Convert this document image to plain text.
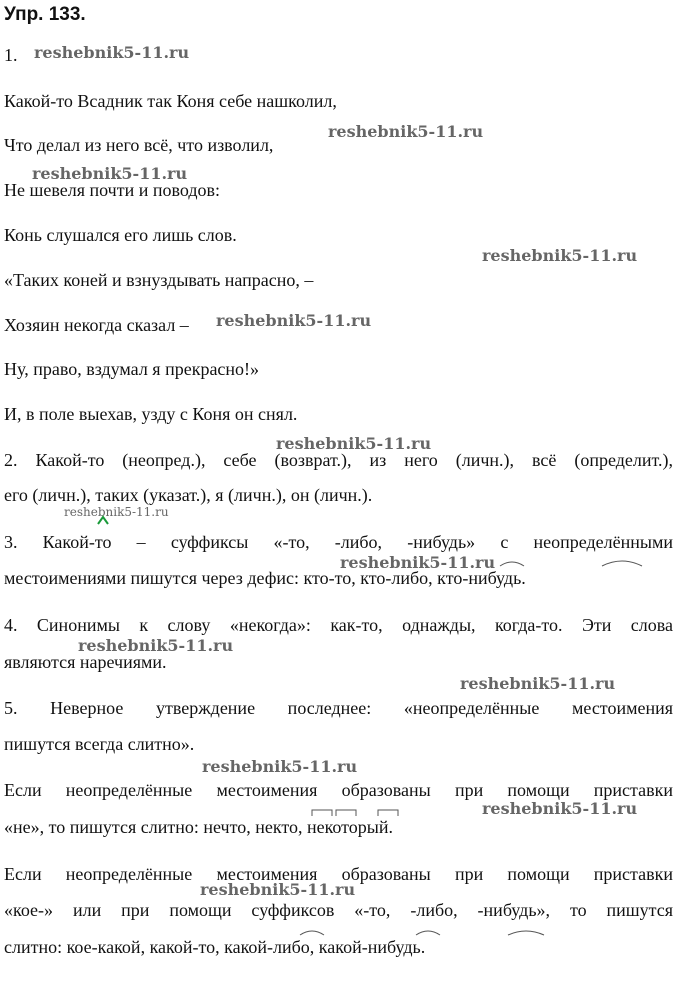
Упр. 133.
1.
Какой-то Всадник так Коня себе нашколил,
Что делал из него всё, что изволил,
Не шевеля почти и поводов:
Конь слушался его лишь слов.
«Таких коней и взнуздывать напрасно, –
Хозяин некогда сказал –
Ну, право, вздумал я прекрасно!»
И, в поле выехав, узду с Коня он снял.
2. Какой-то (неопред.), себе (возврат.), из него (личн.), всё (определит.),
его (личн.), таких (указат.), я (личн.), он (личн.).
3. Какой-то – суффиксы «-то, -либо, -нибудь» с неопределёнными
местоимениями пишутся через дефис: кто-то, кто-либо, кто-нибудь.
4. Синонимы к слову «некогда»: как-то, однажды, когда-то. Эти слова
являются наречиями.
5. Неверное утверждение последнее: «неопределённые местоимения
пишутся всегда слитно».
Если неопределённые местоимения образованы при помощи приставки
«не», то пишутся слитно: нечто, некто, некоторый.
Если неопределённые местоимения образованы при помощи приставки
«кое-» или при помощи суффиксов «-то, -либо, -нибудь», то пишутся
слитно: кое-какой, какой-то, какой-либо, какой-нибудь.
reshebnik5-11.ru
reshebnik5-11.ru
reshebnik5-11.ru
reshebnik5-11.ru
reshebnik5-11.ru
reshebnik5-11.ru
reshebnik5-11.ru
reshebnik5-11.ru
reshebnik5-11.ru
reshebnik5-11.ru
reshebnik5-11.ru
reshebnik5-11.ru
reshebnik5-11.ru
